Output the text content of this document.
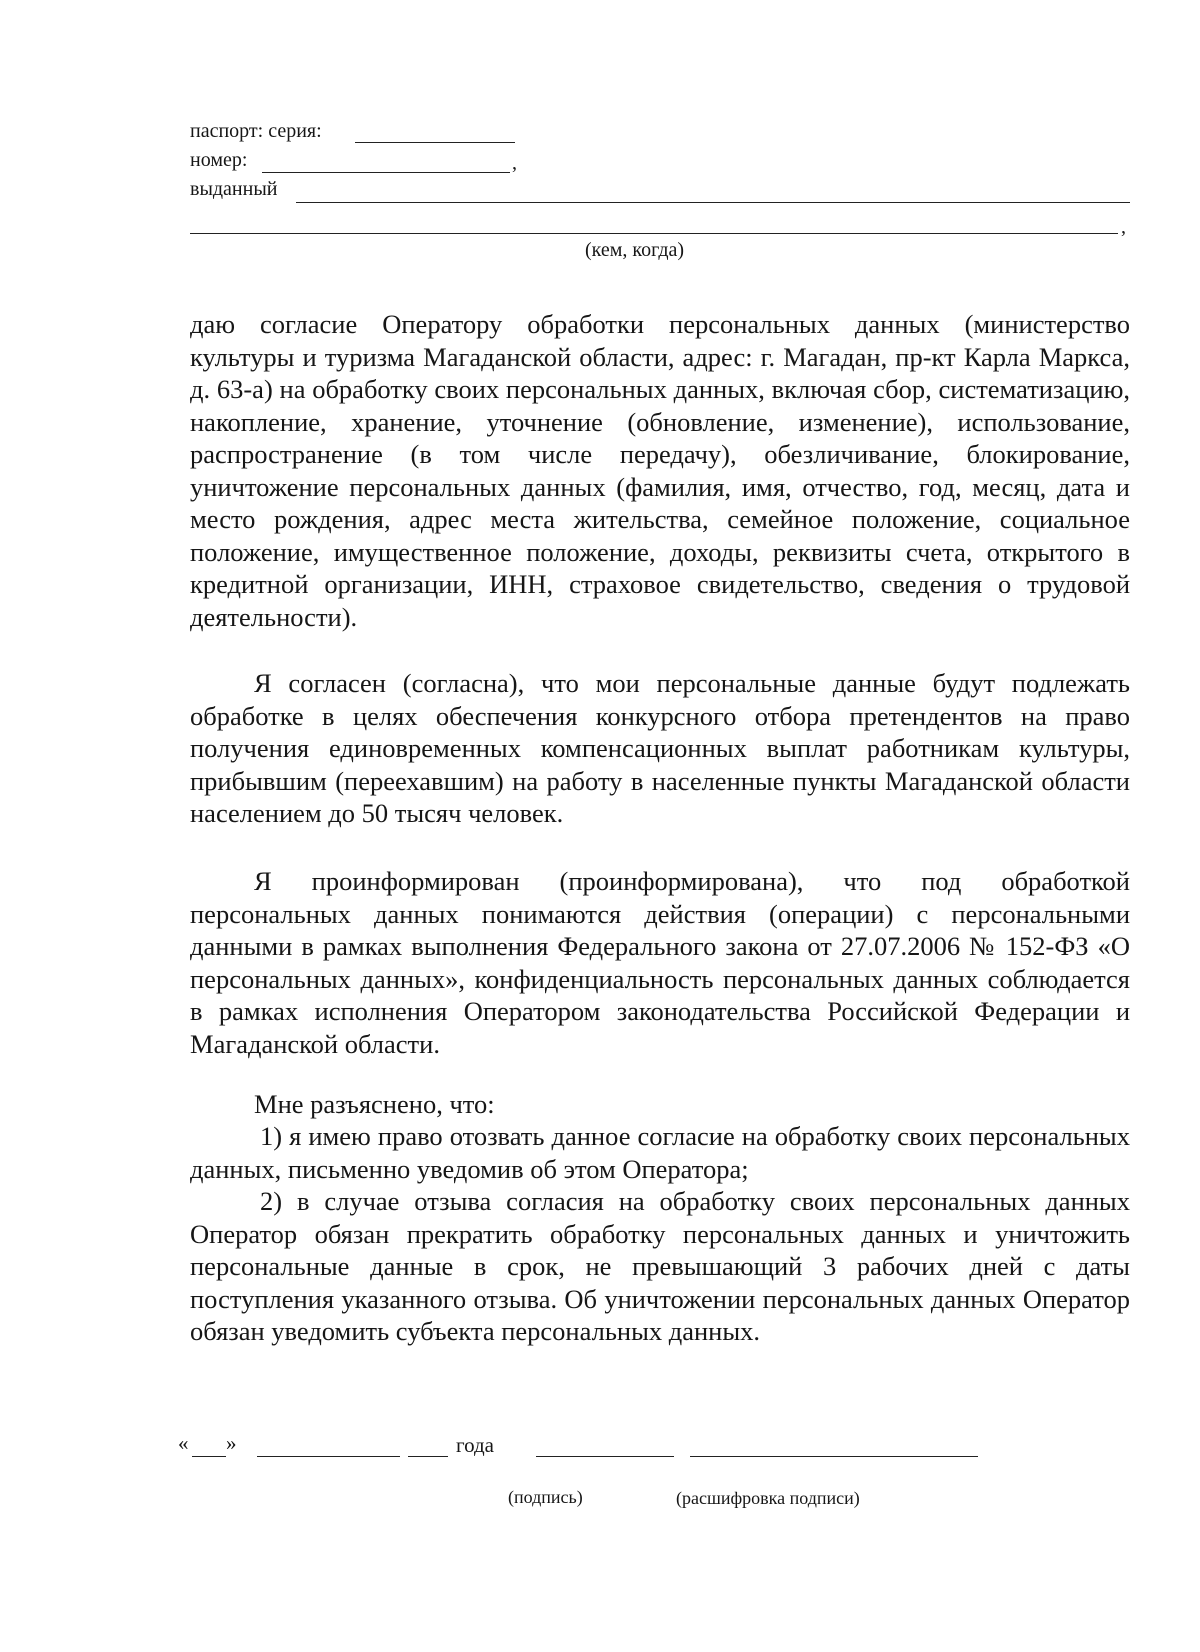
паспорт: серия:
номер:	,
выданный
,
(кем, когда)
даю согласие Оператору обработки персональных данных (министерство культуры и туризма Магаданской области, адрес: г. Магадан, пр-кт Карла Маркса, д. 63-а) на обработку своих персональных данных, включая сбор, систематизацию, накопление, хранение, уточнение (обновление, изменение), использование, распространение (в том числе передачу), обезличивание, блокирование, уничтожение персональных данных (фамилия, имя, отчество, год, месяц, дата и место рождения, адрес места жительства, семейное положение, социальное положение, имущественное положение, доходы, реквизиты счета, открытого в кредитной организации, ИНН, страховое свидетельство, сведения о трудовой деятельности).
Я согласен (согласна), что мои персональные данные будут подлежать обработке в целях обеспечения конкурсного отбора претендентов на право получения единовременных компенсационных выплат работникам культуры, прибывшим (переехавшим) на работу в населенные пункты Магаданской области населением до 50 тысяч человек.
Я проинформирован (проинформирована), что под обработкой персональных данных понимаются действия (операции) с персональными данными в рамках выполнения Федерального закона от 27.07.2006 № 152-ФЗ «О персональных данных», конфиденциальность персональных данных соблюдается в рамках исполнения Оператором законодательства Российской Федерации и Магаданской области.
Мне разъяснено, что:
1) я имею право отозвать данное согласие на обработку своих персональных данных, письменно уведомив об этом Оператора;
2) в случае отзыва согласия на обработку своих персональных данных Оператор обязан прекратить обработку персональных данных и уничтожить персональные данные в срок, не превышающий 3 рабочих дней с даты поступления указанного отзыва. Об уничтожении персональных данных Оператор обязан уведомить субъекта персональных данных.
« »	года
(подпись)	(расшифровка подписи)
